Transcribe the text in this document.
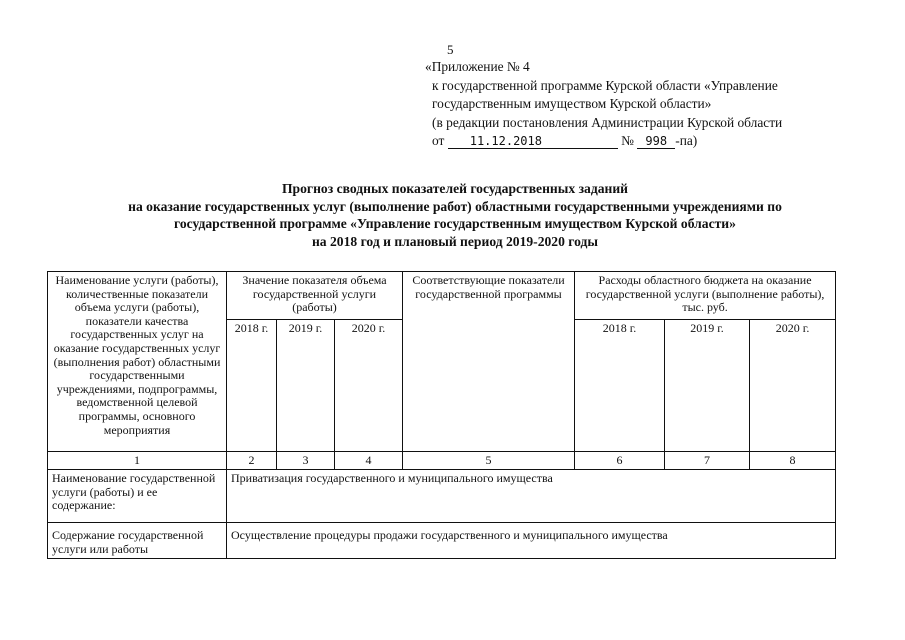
5
«Приложение № 4
к государственной программе Курской области «Управление
государственным имуществом Курской области»
(в редакции постановления Администрации Курской области
от 11.12.2018	№ 998 -па)
Прогноз сводных показателей государственных заданий
на оказание государственных услуг (выполнение работ) областными государственными учреждениями по
государственной программе «Управление государственным имуществом Курской области»
на 2018 год и плановый период 2019-2020 годы
Наименование услуги (работы), количественные показатели объема услуги (работы), показатели качества государственных услуг на оказание государственных услуг (выполнения работ) областными государственными учреждениями, подпрограммы, ведомственной целевой программы, основного мероприятия	Значение показателя объема государственной услуги (работы)			Соответствующие показатели государственной программы	Расходы областного бюджета на оказание государственной услуги (выполнение работы), тыс. руб.		
	2018 г.	2019 г.	2020 г.		2018 г.	2019 г.	2020 г.
1	2	3	4	5	6	7	8
Наименование государственной услуги (работы) и ее содержание:	Приватизация государственного и муниципального имущества						
Содержание государственной услуги или работы	Осуществление процедуры продажи государственного и муниципального имущества						
